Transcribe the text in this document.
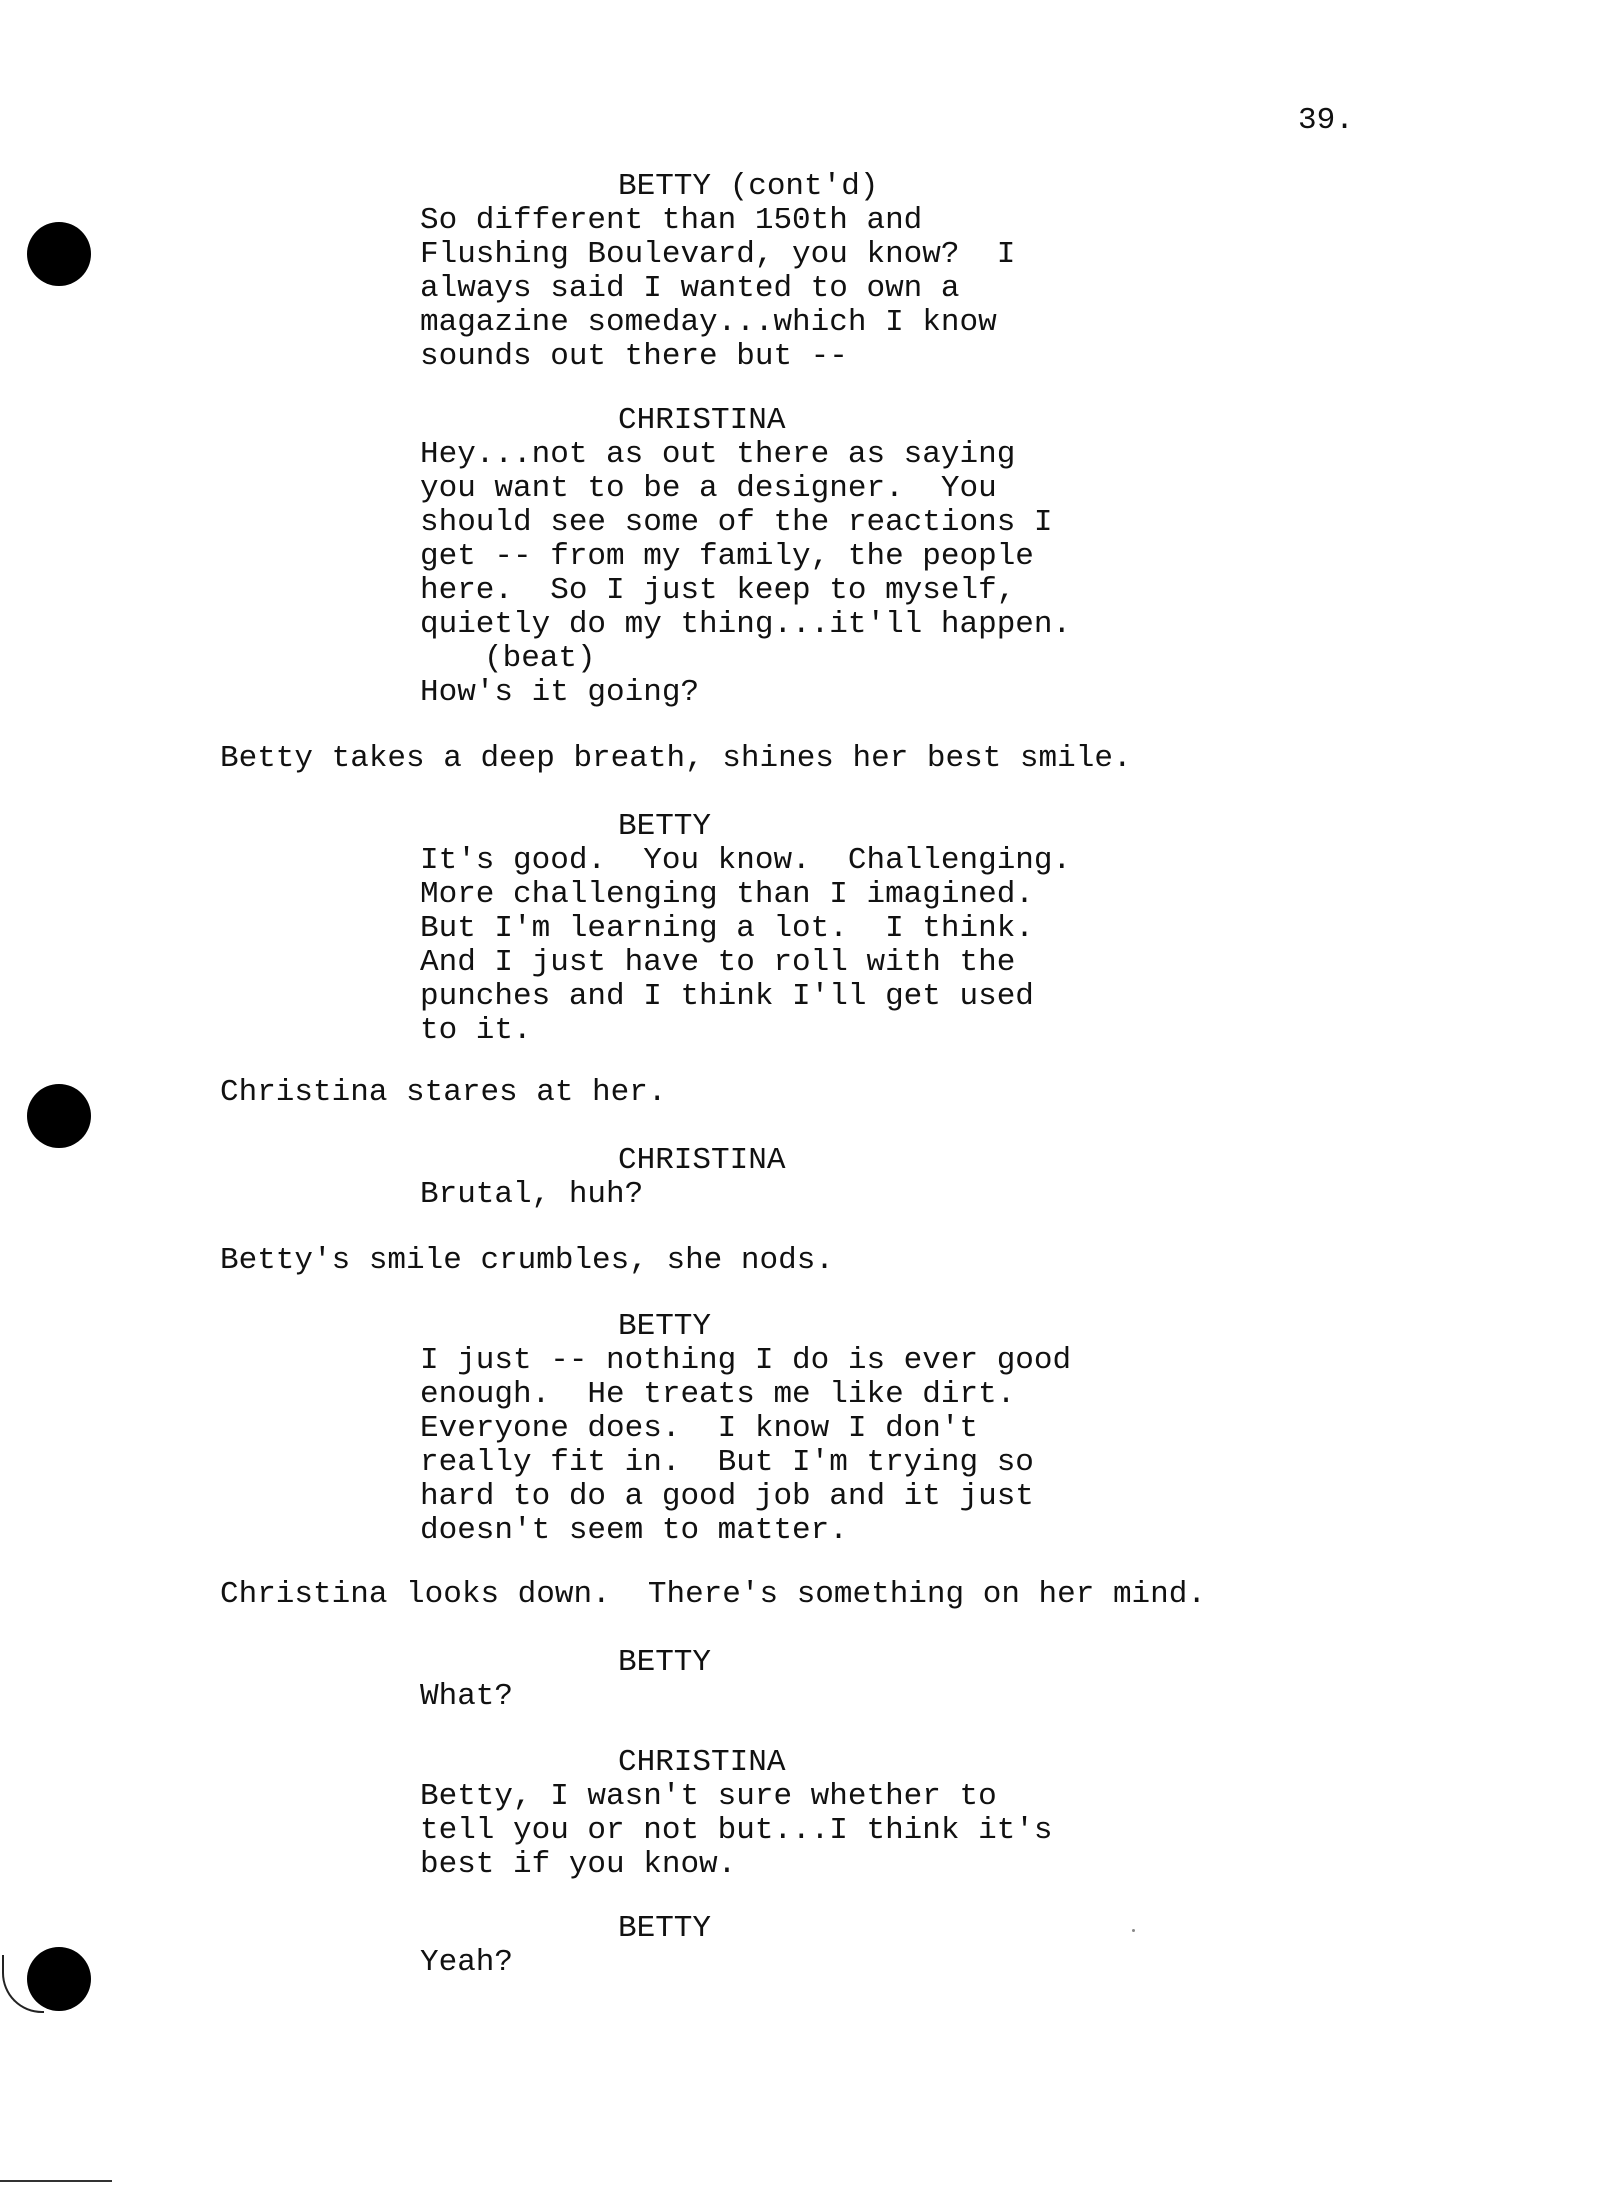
39.
BETTY (cont'd)
So different than 150th and
Flushing Boulevard, you know?  I
always said I wanted to own a
magazine someday...which I know
sounds out there but --
CHRISTINA
Hey...not as out there as saying
you want to be a designer.  You
should see some of the reactions I
get -- from my family, the people
here.  So I just keep to myself,
quietly do my thing...it'll happen.
(beat)
How's it going?
Betty takes a deep breath, shines her best smile.
BETTY
It's good.  You know.  Challenging.
More challenging than I imagined.
But I'm learning a lot.  I think.
And I just have to roll with the
punches and I think I'll get used
to it.
Christina stares at her.
CHRISTINA
Brutal, huh?
Betty's smile crumbles, she nods.
BETTY
I just -- nothing I do is ever good
enough.  He treats me like dirt.
Everyone does.  I know I don't
really fit in.  But I'm trying so
hard to do a good job and it just
doesn't seem to matter.
Christina looks down.  There's something on her mind.
BETTY
What?
CHRISTINA
Betty, I wasn't sure whether to
tell you or not but...I think it's
best if you know.
BETTY
Yeah?
